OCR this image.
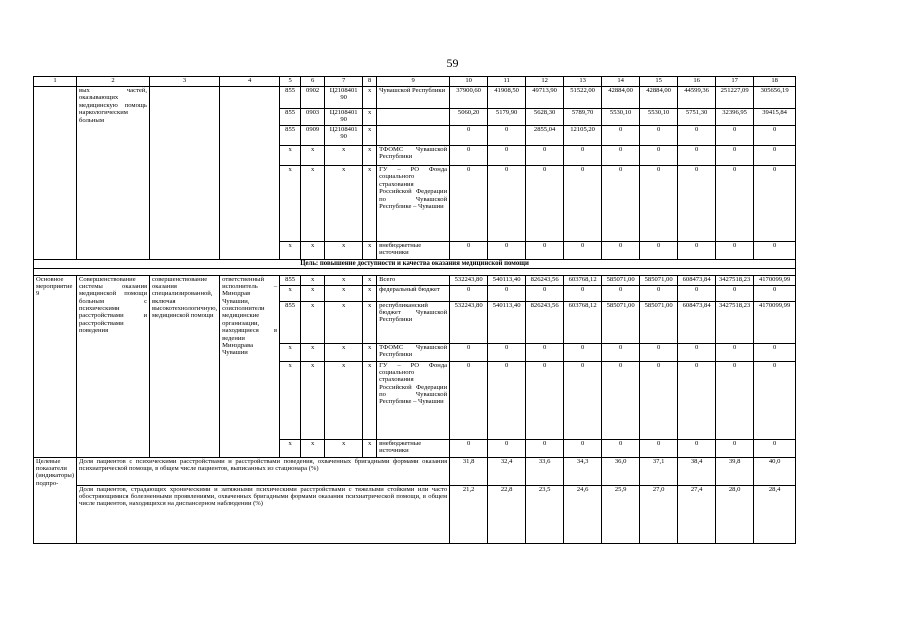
59
1	2	3	4	5	6	7	8	9	10	11	12	13	14	15	16	17	18
	вых частей, оказывающих медицинскую помощь наркологическим больным			855	0902	Ц2108401 90	x	Чувашской Республики	37900,60	41908,50	49713,90	51522,00	42884,00	42884,00	44599,36	251227,09	305656,19
				855	0903	Ц2108401 90	x		5060,20	5179,90	5628,30	5789,70	5530,10	5530,10	5751,30	32396,95	39415,84
				855	0909	Ц2108401 90	x		0	0	2855,04	12105,20	0	0	0	0	0
				x	x	x	x	ТФОМС Чувашской Республики	0	0	0	0	0	0	0	0	0
				x	x	x	x	ГУ – РО Фонда социального страхования Российской Федерации по Чувашской Республике – Чувашии	0	0	0	0	0	0	0	0	0
				x	x	x	x	внебюджетные источники	0	0	0	0	0	0	0	0	0
Цель: повышение доступности и качества оказания медицинской помощи																	

Основное мероприятие 9	Совершенствование системы оказания медицинской помощи больным с психическими расстройствами и расстройствами поведения	совершенствование оказания специализированной, включая высокотехнологичную, медицинской помощи	ответственный исполнитель – Минздрав Чувашии, соисполнители медицинские организации, находящиеся в ведении Минздрава Чувашии	855	x	x	x	Всего	532243,80	540113,40	826243,56	603768,12	585071,00	585071,00	608473,84	3427518,23	4170099,99
				x	x	x	x	федеральный бюджет	0	0	0	0	0	0	0	0	0
				855	x	x	x	республиканский бюджет Чувашской Республики	532243,80	540113,40	826243,56	603768,12	585071,00	585071,00	608473,84	3427518,23	4170099,99
				x	x	x	x	ТФОМС Чувашской Республики	0	0	0	0	0	0	0	0	0
				x	x	x	x	ГУ – РО Фонда социального страхования Российской Федерации по Чувашской Республике – Чувашии	0	0	0	0	0	0	0	0	0
				x	x	x	x	внебюджетные источники	0	0	0	0	0	0	0	0	0
Целевые показатели (индикаторы) подпро-	Доля пациентов с психическими расстройствами и расстройствами поведения, охваченных бригадными формами оказания психиатрической помощи, в общем числе пациентов, выписанных из стационара (%)								31,8	32,4	33,6	34,3	36,0	37,1	38,4	39,8	40,0
	Доля пациентов, страдающих хроническими и затяжными психическими расстройствами с тяжелыми стойкими или часто обостряющимися болезненными проявлениями, охваченных бригадными формами оказания психиатрической помощи, в общем числе пациентов, находящихся на диспансерном наблюдении (%)								21,2	22,8	23,5	24,6	25,9	27,0	27,4	28,0	28,4
